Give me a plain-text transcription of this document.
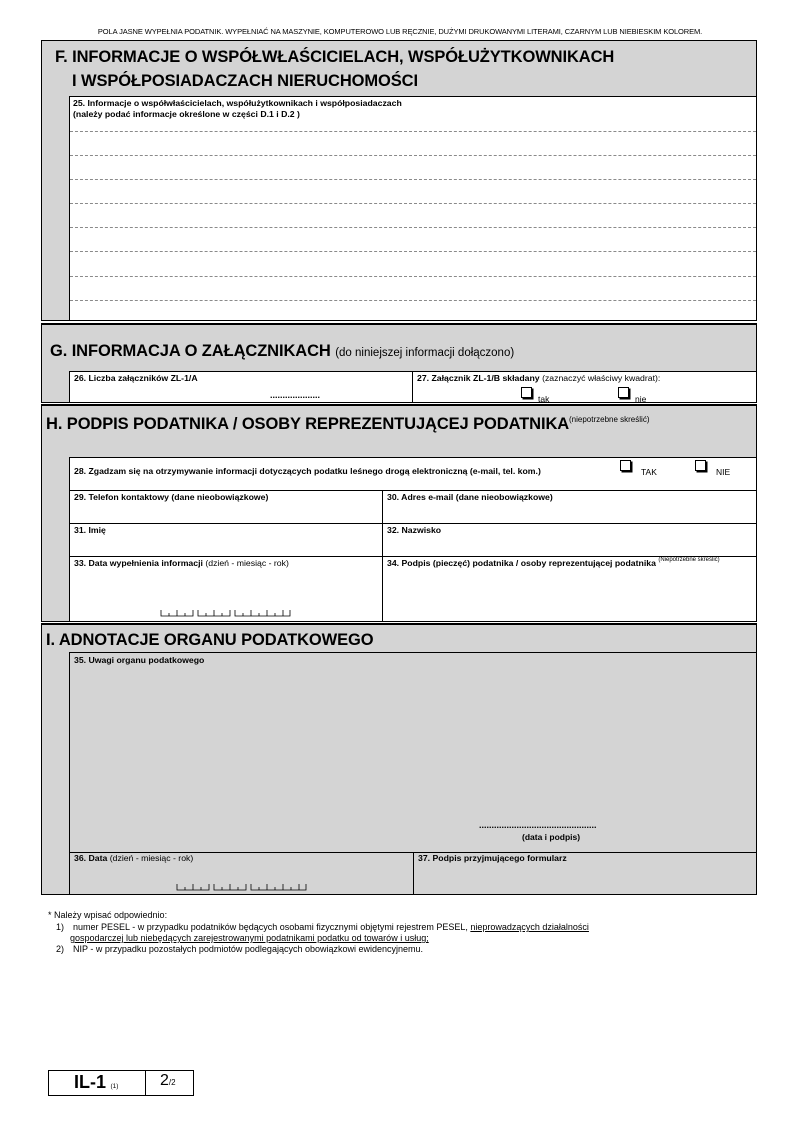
POLA JASNE WYPEŁNIA PODATNIK. WYPEŁNIAĆ NA MASZYNIE, KOMPUTEROWO LUB RĘCZNIE, DUŻYMI DRUKOWANYMI LITERAMI, CZARNYM LUB NIEBIESKIM KOLOREM.
F. INFORMACJE O WSPÓŁWŁAŚCICIELACH, WSPÓŁUŻYTKOWNIKACH
I WSPÓŁPOSIADACZACH NIERUCHOMOŚCI
25. Informacje o współwłaścicielach, współużytkownikach i współposiadaczach
(należy podać informacje określone w części D.1 i D.2 )
G. INFORMACJA O ZAŁĄCZNIKACH (do niniejszej informacji dołączono)
26. Liczba załączników ZL-1/A
....................
27. Załącznik ZL-1/B składany (zaznaczyć właściwy kwadrat):
tak	nie
H. PODPIS PODATNIKA / OSOBY REPREZENTUJĄCEJ PODATNIKA (niepotrzebne skreślić)
28. Zgadzam się na otrzymywanie informacji dotyczących podatku leśnego drogą elektroniczną (e-mail, tel. kom.)	TAK	NIE
29. Telefon kontaktowy (dane nieobowiązkowe)	30. Adres e-mail (dane nieobowiązkowe)
31. Imię	32. Nazwisko
33. Data wypełnienia informacji (dzień - miesiąc - rok)	34. Podpis (pieczęć) podatnika / osoby reprezentującej podatnika $^{(Niepotrzebne skreślić)}$
I. ADNOTACJE ORGANU PODATKOWEGO
35. Uwagi organu podatkowego
...............................................
(data i podpis)
36. Data (dzień - miesiąc - rok)	37. Podpis przyjmującego formularz
* Należy wpisać odpowiednio:
1) numer PESEL - w przypadku podatników będących osobami fizycznymi objętymi rejestrem PESEL, nieprowadzących działalności
gospodarczej lub niebędących zarejestrowanymi podatnikami podatku od towarów i usług;
2) NIP - w przypadku pozostałych podmiotów podlegających obowiązkowi ewidencyjnemu.
IL-1 (1)	2/2
